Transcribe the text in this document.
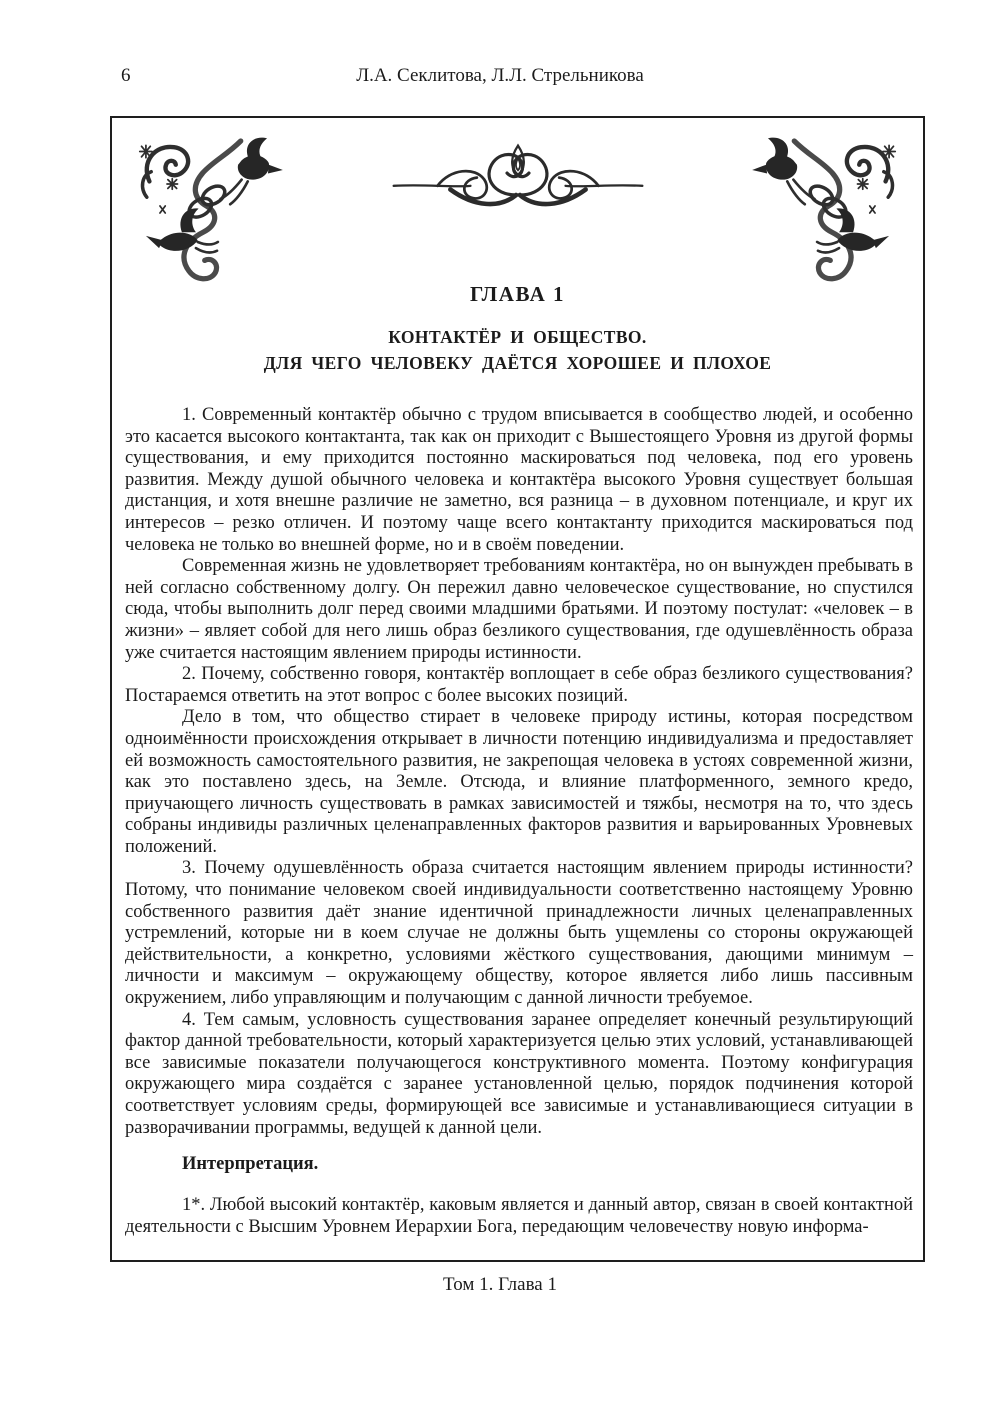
6	Л.А. Секлитова, Л.Л. Стрельникова
ГЛАВА 1
КОНТАКТЁР И ОБЩЕСТВО.
ДЛЯ ЧЕГО ЧЕЛОВЕКУ ДАЁТСЯ ХОРОШЕЕ И ПЛОХОЕ

1. Современный контактёр обычно с трудом вписывается в сообщество людей, и особенно это касается высокого контактанта, так как он приходит с Вышестоящего Уровня из другой формы существования, и ему приходится постоянно маскироваться под человека, под его уровень развития. Между душой обычного человека и контактёра высокого Уровня существует большая дистанция, и хотя внешне различие не заметно, вся разница – в духовном потенциале, и круг их интересов – резко отличен. И поэтому чаще всего контактанту приходится маскироваться под человека не только во внешней форме, но и в своём поведении.

Современная жизнь не удовлетворяет требованиям контактёра, но он вынужден пребывать в ней согласно собственному долгу. Он пережил давно человеческое существование, но спустился сюда, чтобы выполнить долг перед своими младшими братьями. И поэтому постулат: «человек – в жизни» – являет собой для него лишь образ безликого существования, где одушевлённость образа уже считается настоящим явлением природы истинности.

2. Почему, собственно говоря, контактёр воплощает в себе образ безликого существования? Постараемся ответить на этот вопрос с более высоких позиций.

Дело в том, что общество стирает в человеке природу истины, которая посредством одноимённости происхождения открывает в личности потенцию индивидуализма и предоставляет ей возможность самостоятельного развития, не закрепощая человека в устоях современной жизни, как это поставлено здесь, на Земле. Отсюда, и влияние платформенного, земного кредо, приучающего личность существовать в рамках зависимостей и тяжбы, несмотря на то, что здесь собраны индивиды различных целенаправленных факторов развития и варьированных Уровневых положений.

3. Почему одушевлённость образа считается настоящим явлением природы истинности? Потому, что понимание человеком своей индивидуальности соответственно настоящему Уровню собственного развития даёт знание идентичной принадлежности личных целенаправленных устремлений, которые ни в коем случае не должны быть ущемлены со стороны окружающей действительности, а конкретно, условиями жёсткого существования, дающими минимум – личности и максимум – окружающему обществу, которое является либо лишь пассивным окружением, либо управляющим и получающим с данной личности требуемое.

4. Тем самым, условность существования заранее определяет конечный результирующий фактор данной требовательности, который характеризуется целью этих условий, устанавливающей все зависимые показатели получающегося конструктивного момента. Поэтому конфигурация окружающего мира создаётся с заранее установленной целью, порядок подчинения которой соответствует условиям среды, формирующей все зависимые и устанавливающиеся ситуации в разворачивании программы, ведущей к данной цели.

Интерпретация.

1*. Любой высокий контактёр, каковым является и данный автор, связан в своей контактной деятельности с Высшим Уровнем Иерархии Бога, передающим человечеству новую информа-

Том 1. Глава 1
